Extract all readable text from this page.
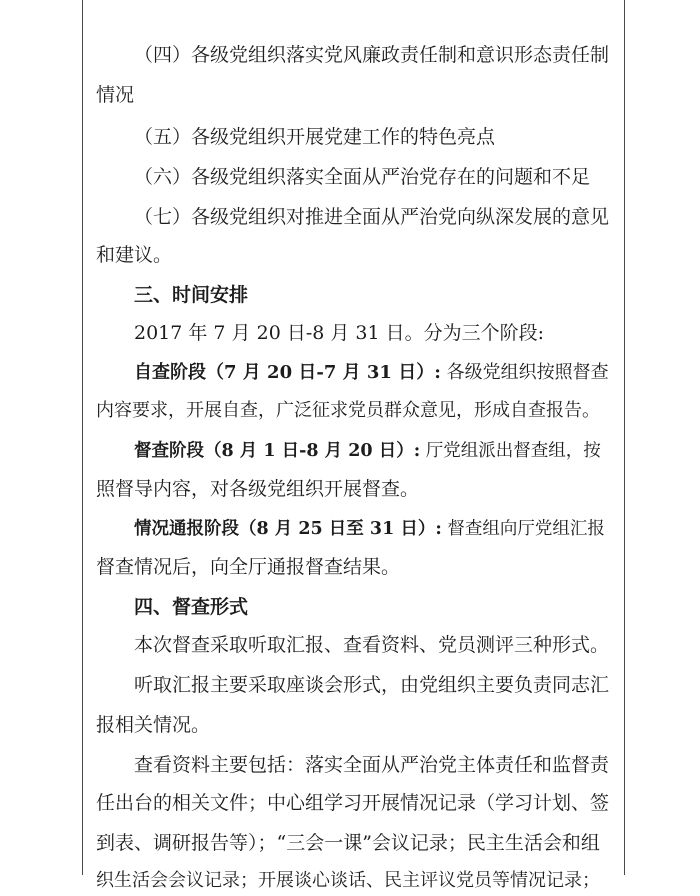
（四）各级党组织落实党风廉政责任制和意识形态责任制
情况
（五）各级党组织开展党建工作的特色亮点
（六）各级党组织落实全面从严治党存在的问题和不足
（七）各级党组织对推进全面从严治党向纵深发展的意见
和建议。
三、时间安排
2017 年 7 月 20 日-8 月 31 日。分为三个阶段:
自查阶段（7 月 20 日-7 月 31 日）: 各级党组织按照督查
内容要求，开展自查，广泛征求党员群众意见，形成自查报告。
督查阶段（8 月 1 日-8 月 20 日）: 厅党组派出督查组，按
照督导内容，对各级党组织开展督查。
情况通报阶段（8 月 25 日至 31 日）: 督查组向厅党组汇报
督查情况后，向全厅通报督查结果。
四、督查形式
本次督查采取听取汇报、查看资料、党员测评三种形式。
听取汇报主要采取座谈会形式，由党组织主要负责同志汇
报相关情况。
查看资料主要包括：落实全面从严治党主体责任和监督责
任出台的相关文件；中心组学习开展情况记录（学习计划、签
到表、调研报告等）；“三会一课”会议记录；民主生活会和组
织生活会会议记录；开展谈心谈话、民主评议党员等情况记录；
